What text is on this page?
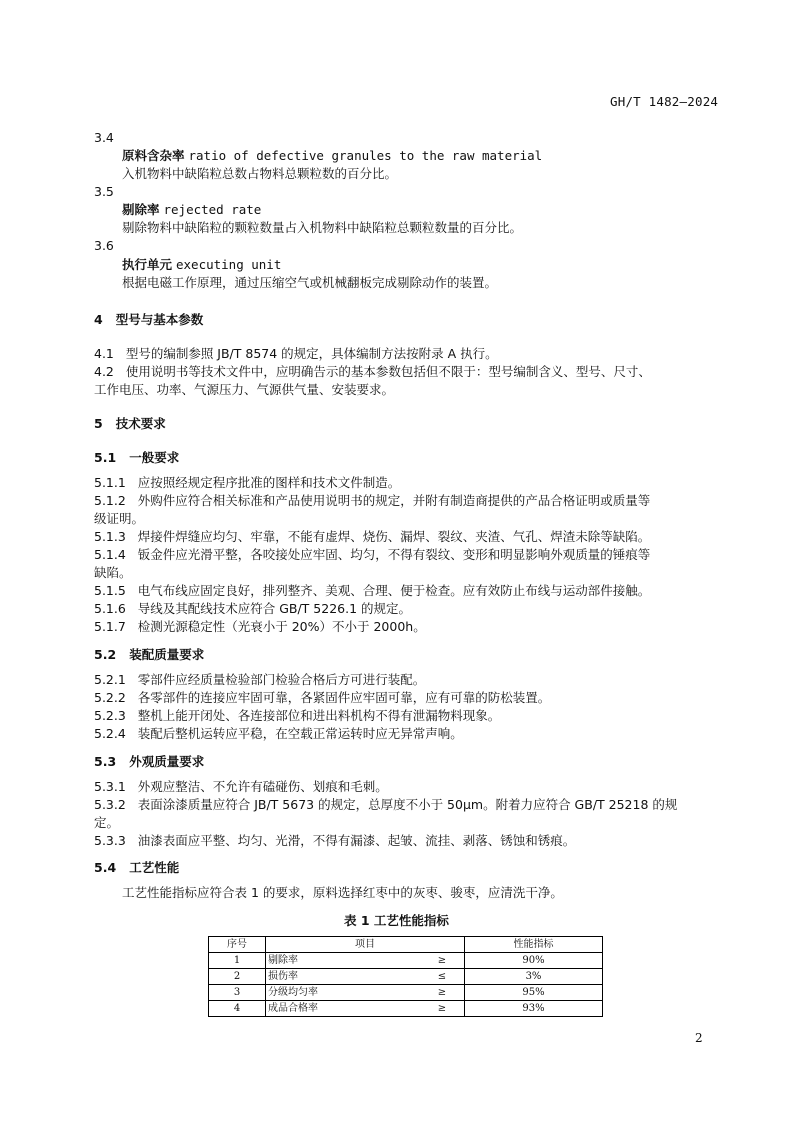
GH/T 1482—2024
3.4
原料含杂率 ratio of defective granules to the raw material
入机物料中缺陷粒总数占物料总颗粒数的百分比。
3.5
剔除率 rejected rate
剔除物料中缺陷粒的颗粒数量占入机物料中缺陷粒总颗粒数量的百分比。
3.6
执行单元 executing unit
根据电磁工作原理，通过压缩空气或机械翻板完成剔除动作的装置。
4 型号与基本参数
4.1 型号的编制参照 JB/T 8574 的规定，具体编制方法按附录 A 执行。
4.2 使用说明书等技术文件中，应明确告示的基本参数包括但不限于：型号编制含义、型号、尺寸、
工作电压、功率、气源压力、气源供气量、安装要求。
5 技术要求
5.1 一般要求
5.1.1 应按照经规定程序批准的图样和技术文件制造。
5.1.2 外购件应符合相关标准和产品使用说明书的规定，并附有制造商提供的产品合格证明或质量等
级证明。
5.1.3 焊接件焊缝应均匀、牢靠，不能有虚焊、烧伤、漏焊、裂纹、夹渣、气孔、焊渣未除等缺陷。
5.1.4 钣金件应光滑平整，各咬接处应牢固、均匀，不得有裂纹、变形和明显影响外观质量的锤痕等
缺陷。
5.1.5 电气布线应固定良好，排列整齐、美观、合理、便于检查。应有效防止布线与运动部件接触。
5.1.6 导线及其配线技术应符合 GB/T 5226.1 的规定。
5.1.7 检测光源稳定性（光衰小于 20%）不小于 2000h。
5.2 装配质量要求
5.2.1 零部件应经质量检验部门检验合格后方可进行装配。
5.2.2 各零部件的连接应牢固可靠，各紧固件应牢固可靠，应有可靠的防松装置。
5.2.3 整机上能开闭处、各连接部位和进出料机构不得有泄漏物料现象。
5.2.4 装配后整机运转应平稳，在空载正常运转时应无异常声响。
5.3 外观质量要求
5.3.1 外观应整洁、不允许有磕碰伤、划痕和毛刺。
5.3.2 表面涂漆质量应符合 JB/T 5673 的规定，总厚度不小于 50μm。附着力应符合 GB/T 25218 的规
定。
5.3.3 油漆表面应平整、均匀、光滑，不得有漏漆、起皱、流挂、剥落、锈蚀和锈痕。
5.4 工艺性能
工艺性能指标应符合表 1 的要求，原料选择红枣中的灰枣、骏枣，应清洗干净。
表 1 工艺性能指标
序号	项目		性能指标
1	剔除率	≥	90%
2	损伤率	≤	3%
3	分级均匀率	≥	95%
4	成品合格率	≥	93%
2
